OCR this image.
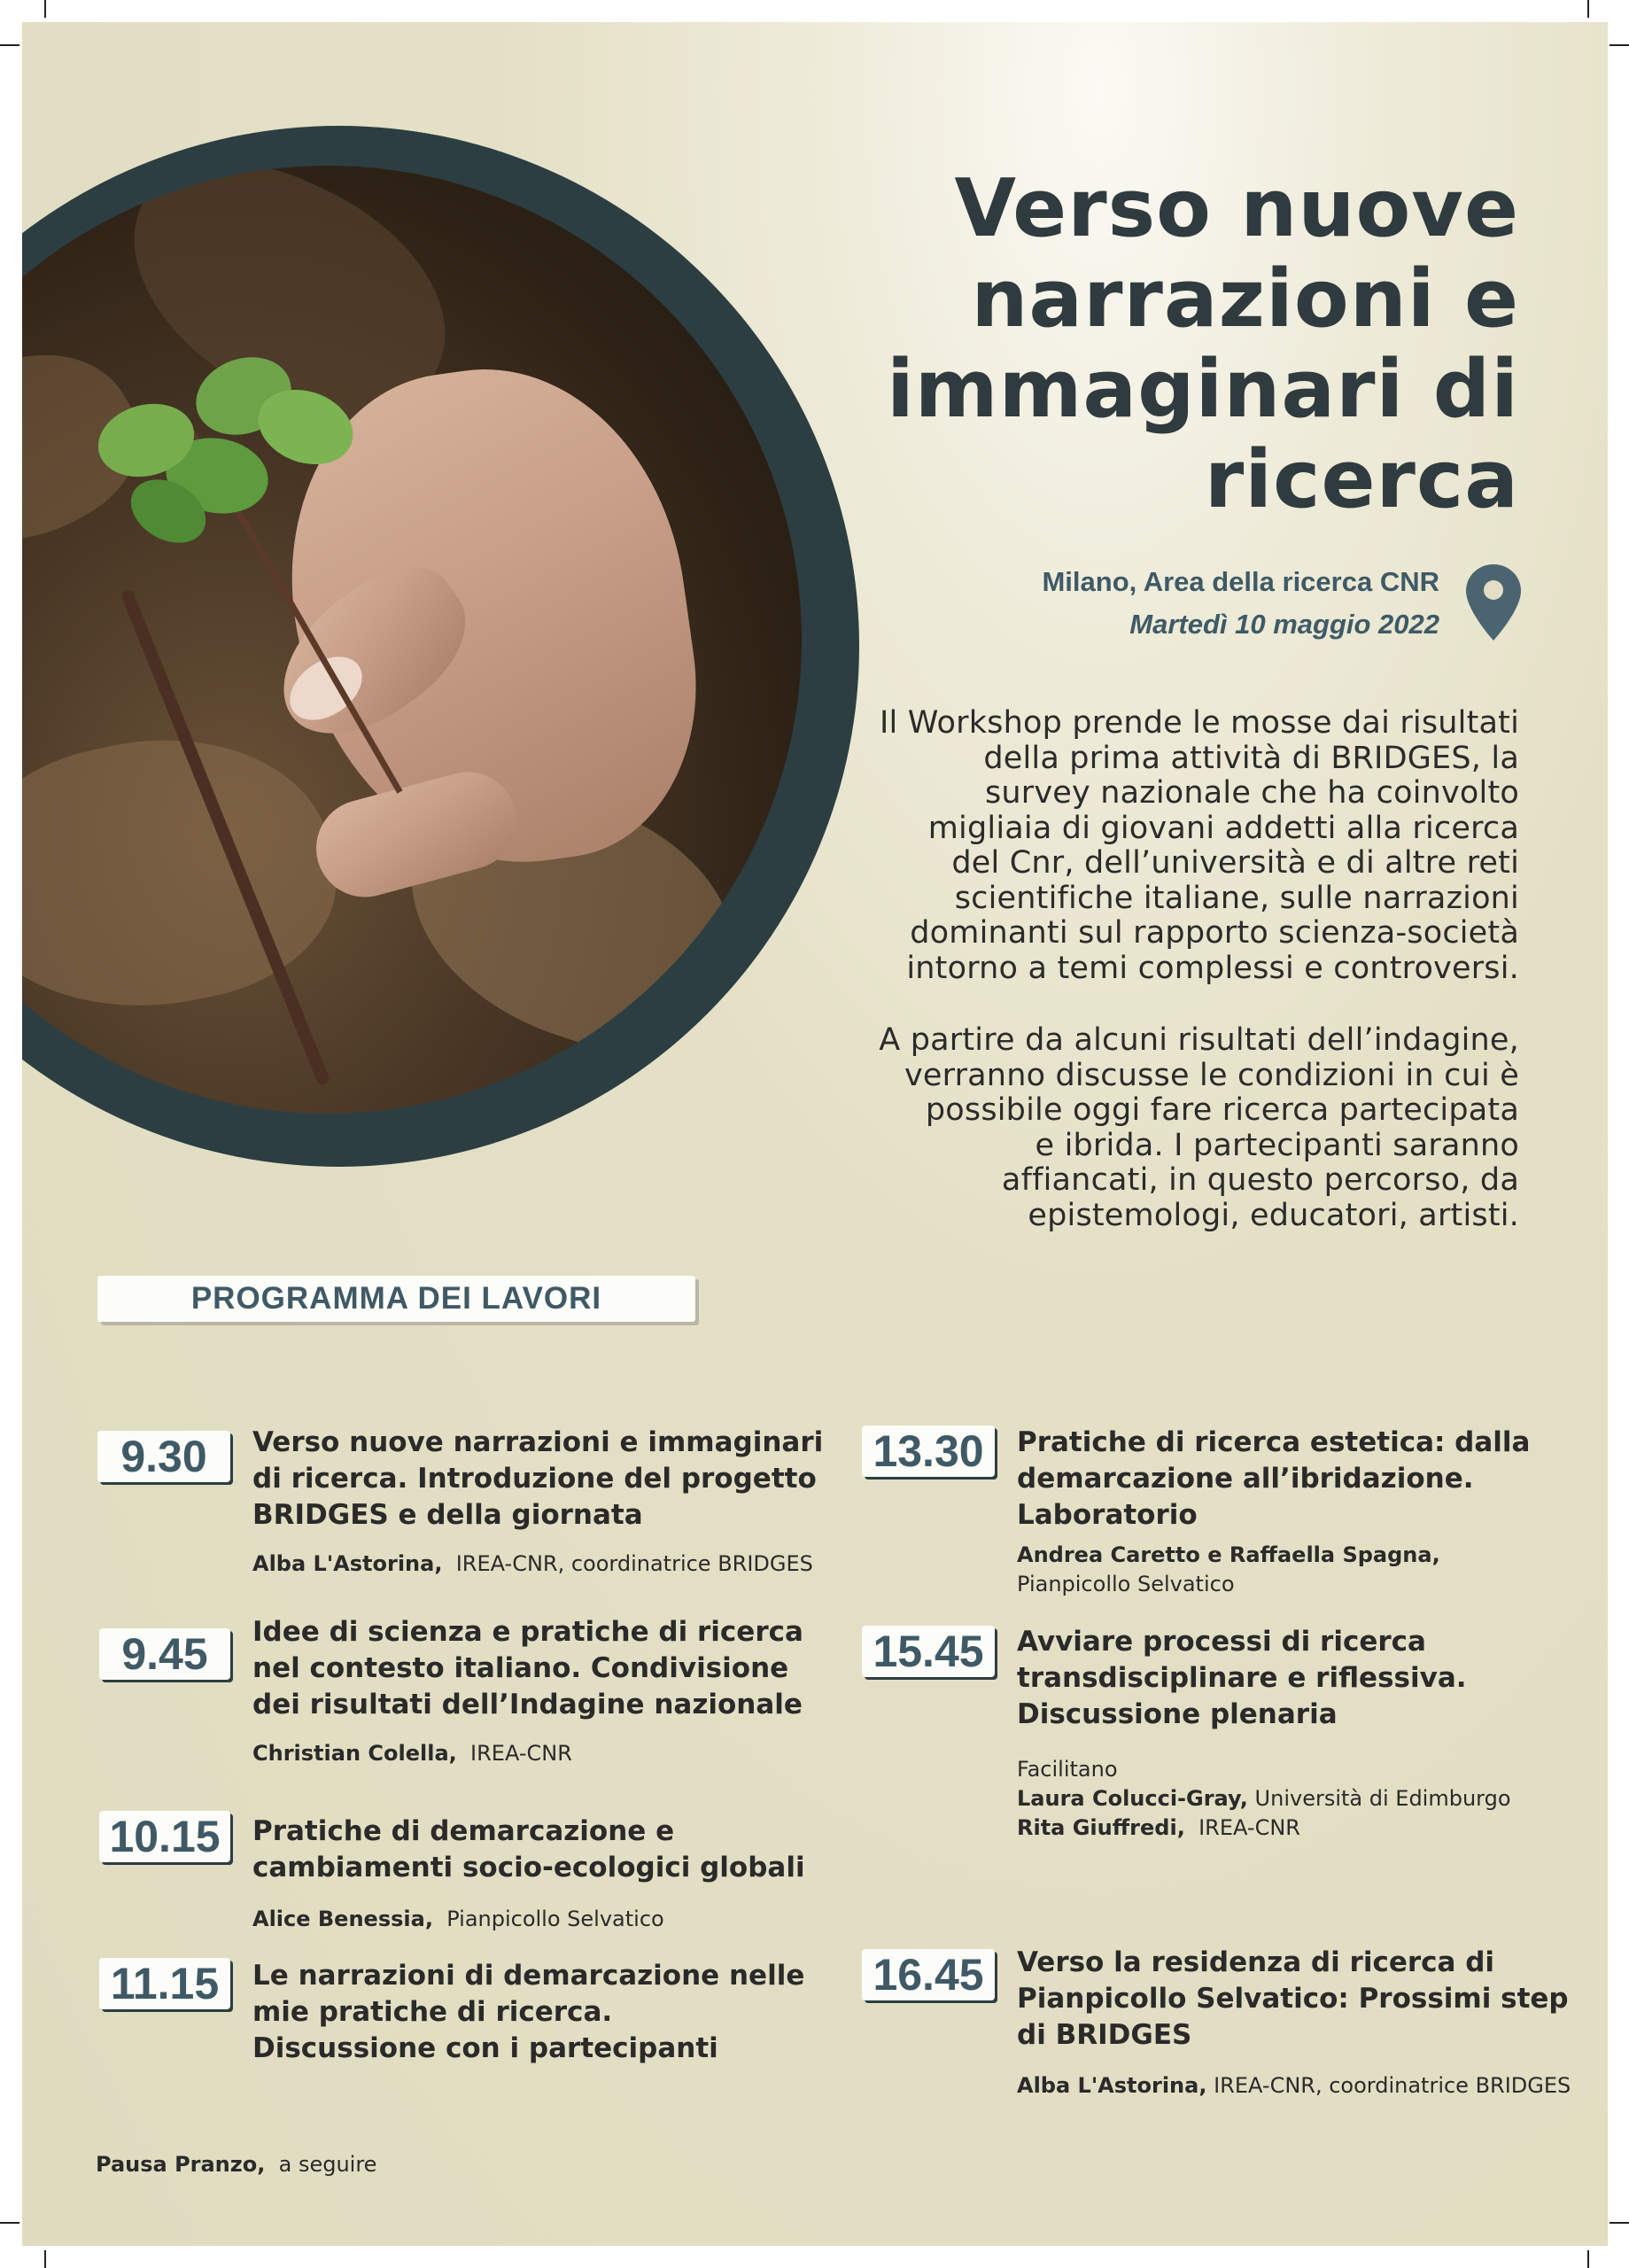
Verso nuove
narrazioni e
immaginari di
ricerca
Milano, Area della ricerca CNR
Martedì 10 maggio 2022

Il Workshop prende le mosse dai risultati

della prima attività di BRIDGES, la

survey nazionale che ha coinvolto

migliaia di giovani addetti alla ricerca

del Cnr, dell’università e di altre reti

scientifiche italiane, sulle narrazioni

dominanti sul rapporto scienza-società

intorno a temi complessi e controversi.

A partire da alcuni risultati dell’indagine,

verranno discusse le condizioni in cui è

possibile oggi fare ricerca partecipata

e ibrida. I partecipanti saranno

affiancati, in questo percorso, da

epistemologi, educatori, artisti.

PROGRAMMA DEI LAVORI
9.30	Verso nuove narrazioni e immaginari
di ricerca. Introduzione del progetto
BRIDGES e della giornata
Alba L'Astorina, IREA-CNR, coordinatrice BRIDGES
9.45	Idee di scienza e pratiche di ricerca
nel contesto italiano. Condivisione
dei risultati dell’Indagine nazionale
Christian Colella, IREA-CNR
10.15	Pratiche di demarcazione e
cambiamenti socio-ecologici globali
Alice Benessia, Pianpicollo Selvatico
11.15	Le narrazioni di demarcazione nelle
mie pratiche di ricerca.
Discussione con i partecipanti
Pausa Pranzo, a seguire
13.30	Pratiche di ricerca estetica: dalla
demarcazione all’ibridazione.
Laboratorio
Andrea Caretto e Raffaella Spagna,
Pianpicollo Selvatico
15.45	Avviare processi di ricerca
transdisciplinare e riflessiva.
Discussione plenaria
Facilitano
Laura Colucci-Gray, Università di Edimburgo
Rita Giuffredi, IREA-CNR
16.45	Verso la residenza di ricerca di
Pianpicollo Selvatico: Prossimi step
di BRIDGES
Alba L'Astorina, IREA-CNR, coordinatrice BRIDGES
